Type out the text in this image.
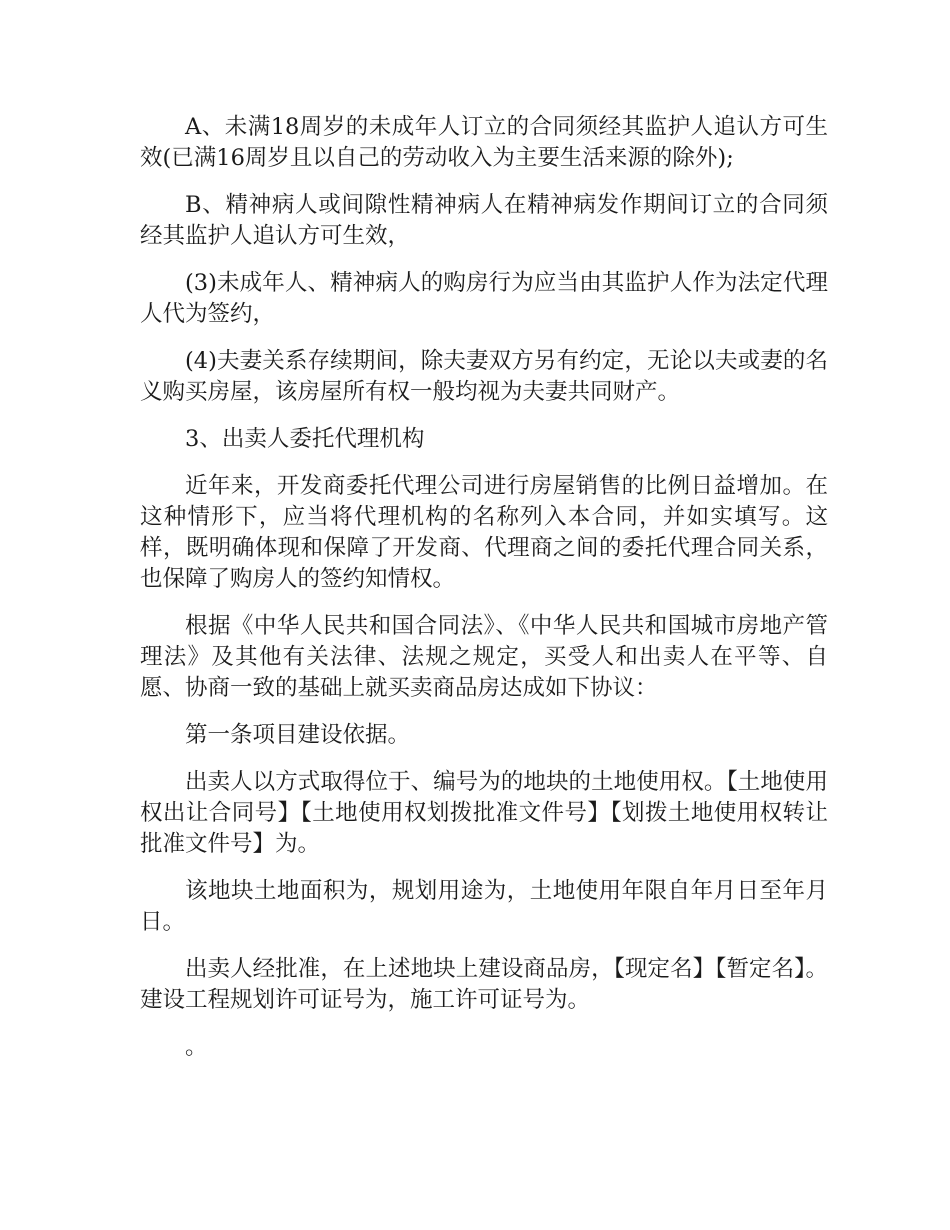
A、未满18周岁的未成年人订立的合同须经其监护人追认方可生效(已满16周岁且以自己的劳动收入为主要生活来源的除外);

B、精神病人或间隙性精神病人在精神病发作期间订立的合同须经其监护人追认方可生效，

(3)未成年人、精神病人的购房行为应当由其监护人作为法定代理人代为签约，

(4)夫妻关系存续期间，除夫妻双方另有约定，无论以夫或妻的名义购买房屋，该房屋所有权一般均视为夫妻共同财产。

3、出卖人委托代理机构

近年来，开发商委托代理公司进行房屋销售的比例日益增加。在这种情形下，应当将代理机构的名称列入本合同，并如实填写。这样，既明确体现和保障了开发商、代理商之间的委托代理合同关系，也保障了购房人的签约知情权。

根据《中华人民共和国合同法》、《中华人民共和国城市房地产管理法》及其他有关法律、法规之规定，买受人和出卖人在平等、自愿、协商一致的基础上就买卖商品房达成如下协议：

第一条项目建设依据。

出卖人以方式取得位于、编号为的地块的土地使用权。【土地使用权出让合同号】【土地使用权划拨批准文件号】【划拨土地使用权转让批准文件号】为。

该地块土地面积为，规划用途为，土地使用年限自年月日至年月日。

出卖人经批准，在上述地块上建设商品房，【现定名】【暂定名】。建设工程规划许可证号为，施工许可证号为。

。
